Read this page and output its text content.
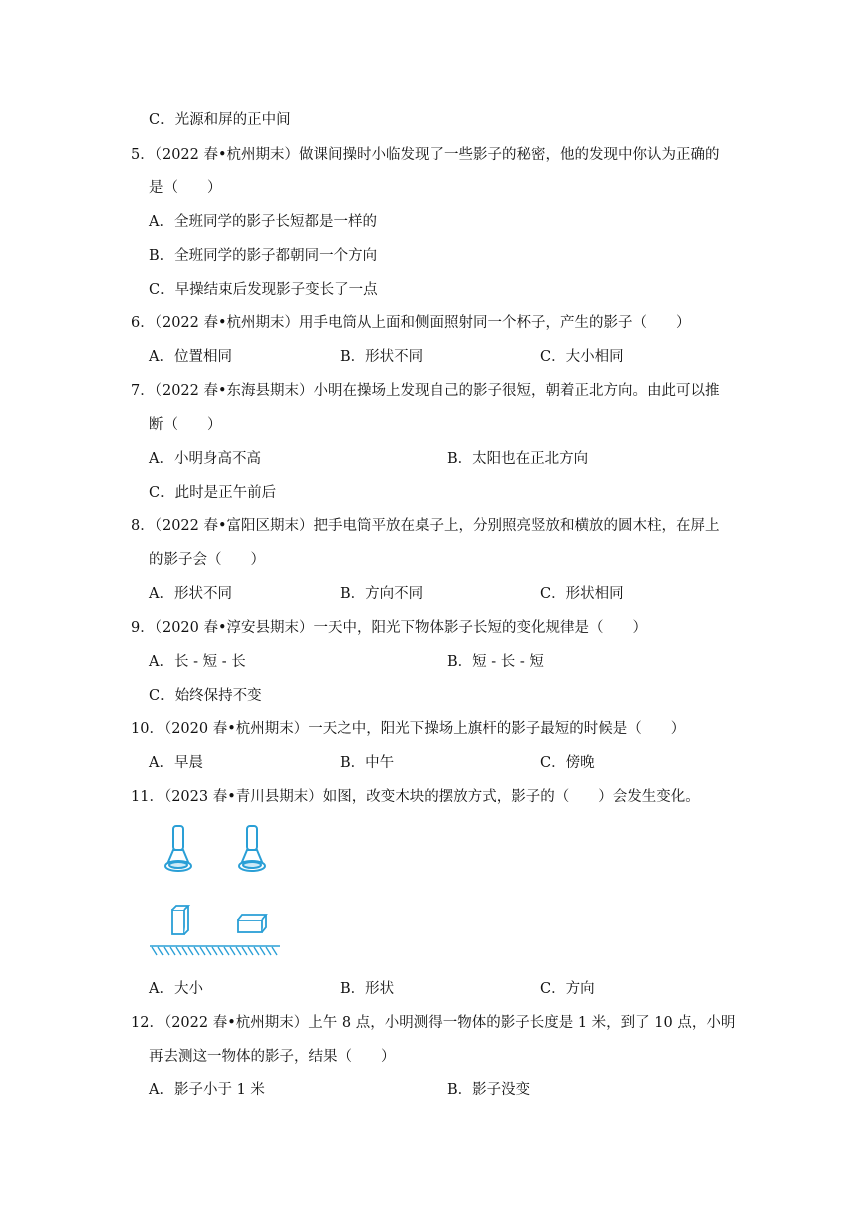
C．光源和屏的正中间
5．（2022 春•杭州期末）做课间操时小临发现了一些影子的秘密，他的发现中你认为正确的
是（　　）
A．全班同学的影子长短都是一样的
B．全班同学的影子都朝同一个方向
C．早操结束后发现影子变长了一点
6．（2022 春•杭州期末）用手电筒从上面和侧面照射同一个杯子，产生的影子（　　）
A．位置相同	B．形状不同	C．大小相同
7．（2022 春•东海县期末）小明在操场上发现自己的影子很短，朝着正北方向。由此可以推
断（　　）
A．小明身高不高	B．太阳也在正北方向
C．此时是正午前后
8．（2022 春•富阳区期末）把手电筒平放在桌子上，分别照亮竖放和横放的圆木柱，在屏上
的影子会（　　）
A．形状不同	B．方向不同	C．形状相同
9．（2020 春•淳安县期末）一天中，阳光下物体影子长短的变化规律是（　　）
A．长 - 短 - 长	B．短 - 长 - 短
C．始终保持不变
10．（2020 春•杭州期末）一天之中，阳光下操场上旗杆的影子最短的时候是（　　）
A．早晨	B．中午	C．傍晚
11．（2023 春•青川县期末）如图，改变木块的摆放方式，影子的（　　）会发生变化。
A．大小	B．形状	C．方向
12．（2022 春•杭州期末）上午 8 点，小明测得一物体的影子长度是 1 米，到了 10 点，小明
再去测这一物体的影子，结果（　　）
A．影子小于 1 米	B．影子没变
